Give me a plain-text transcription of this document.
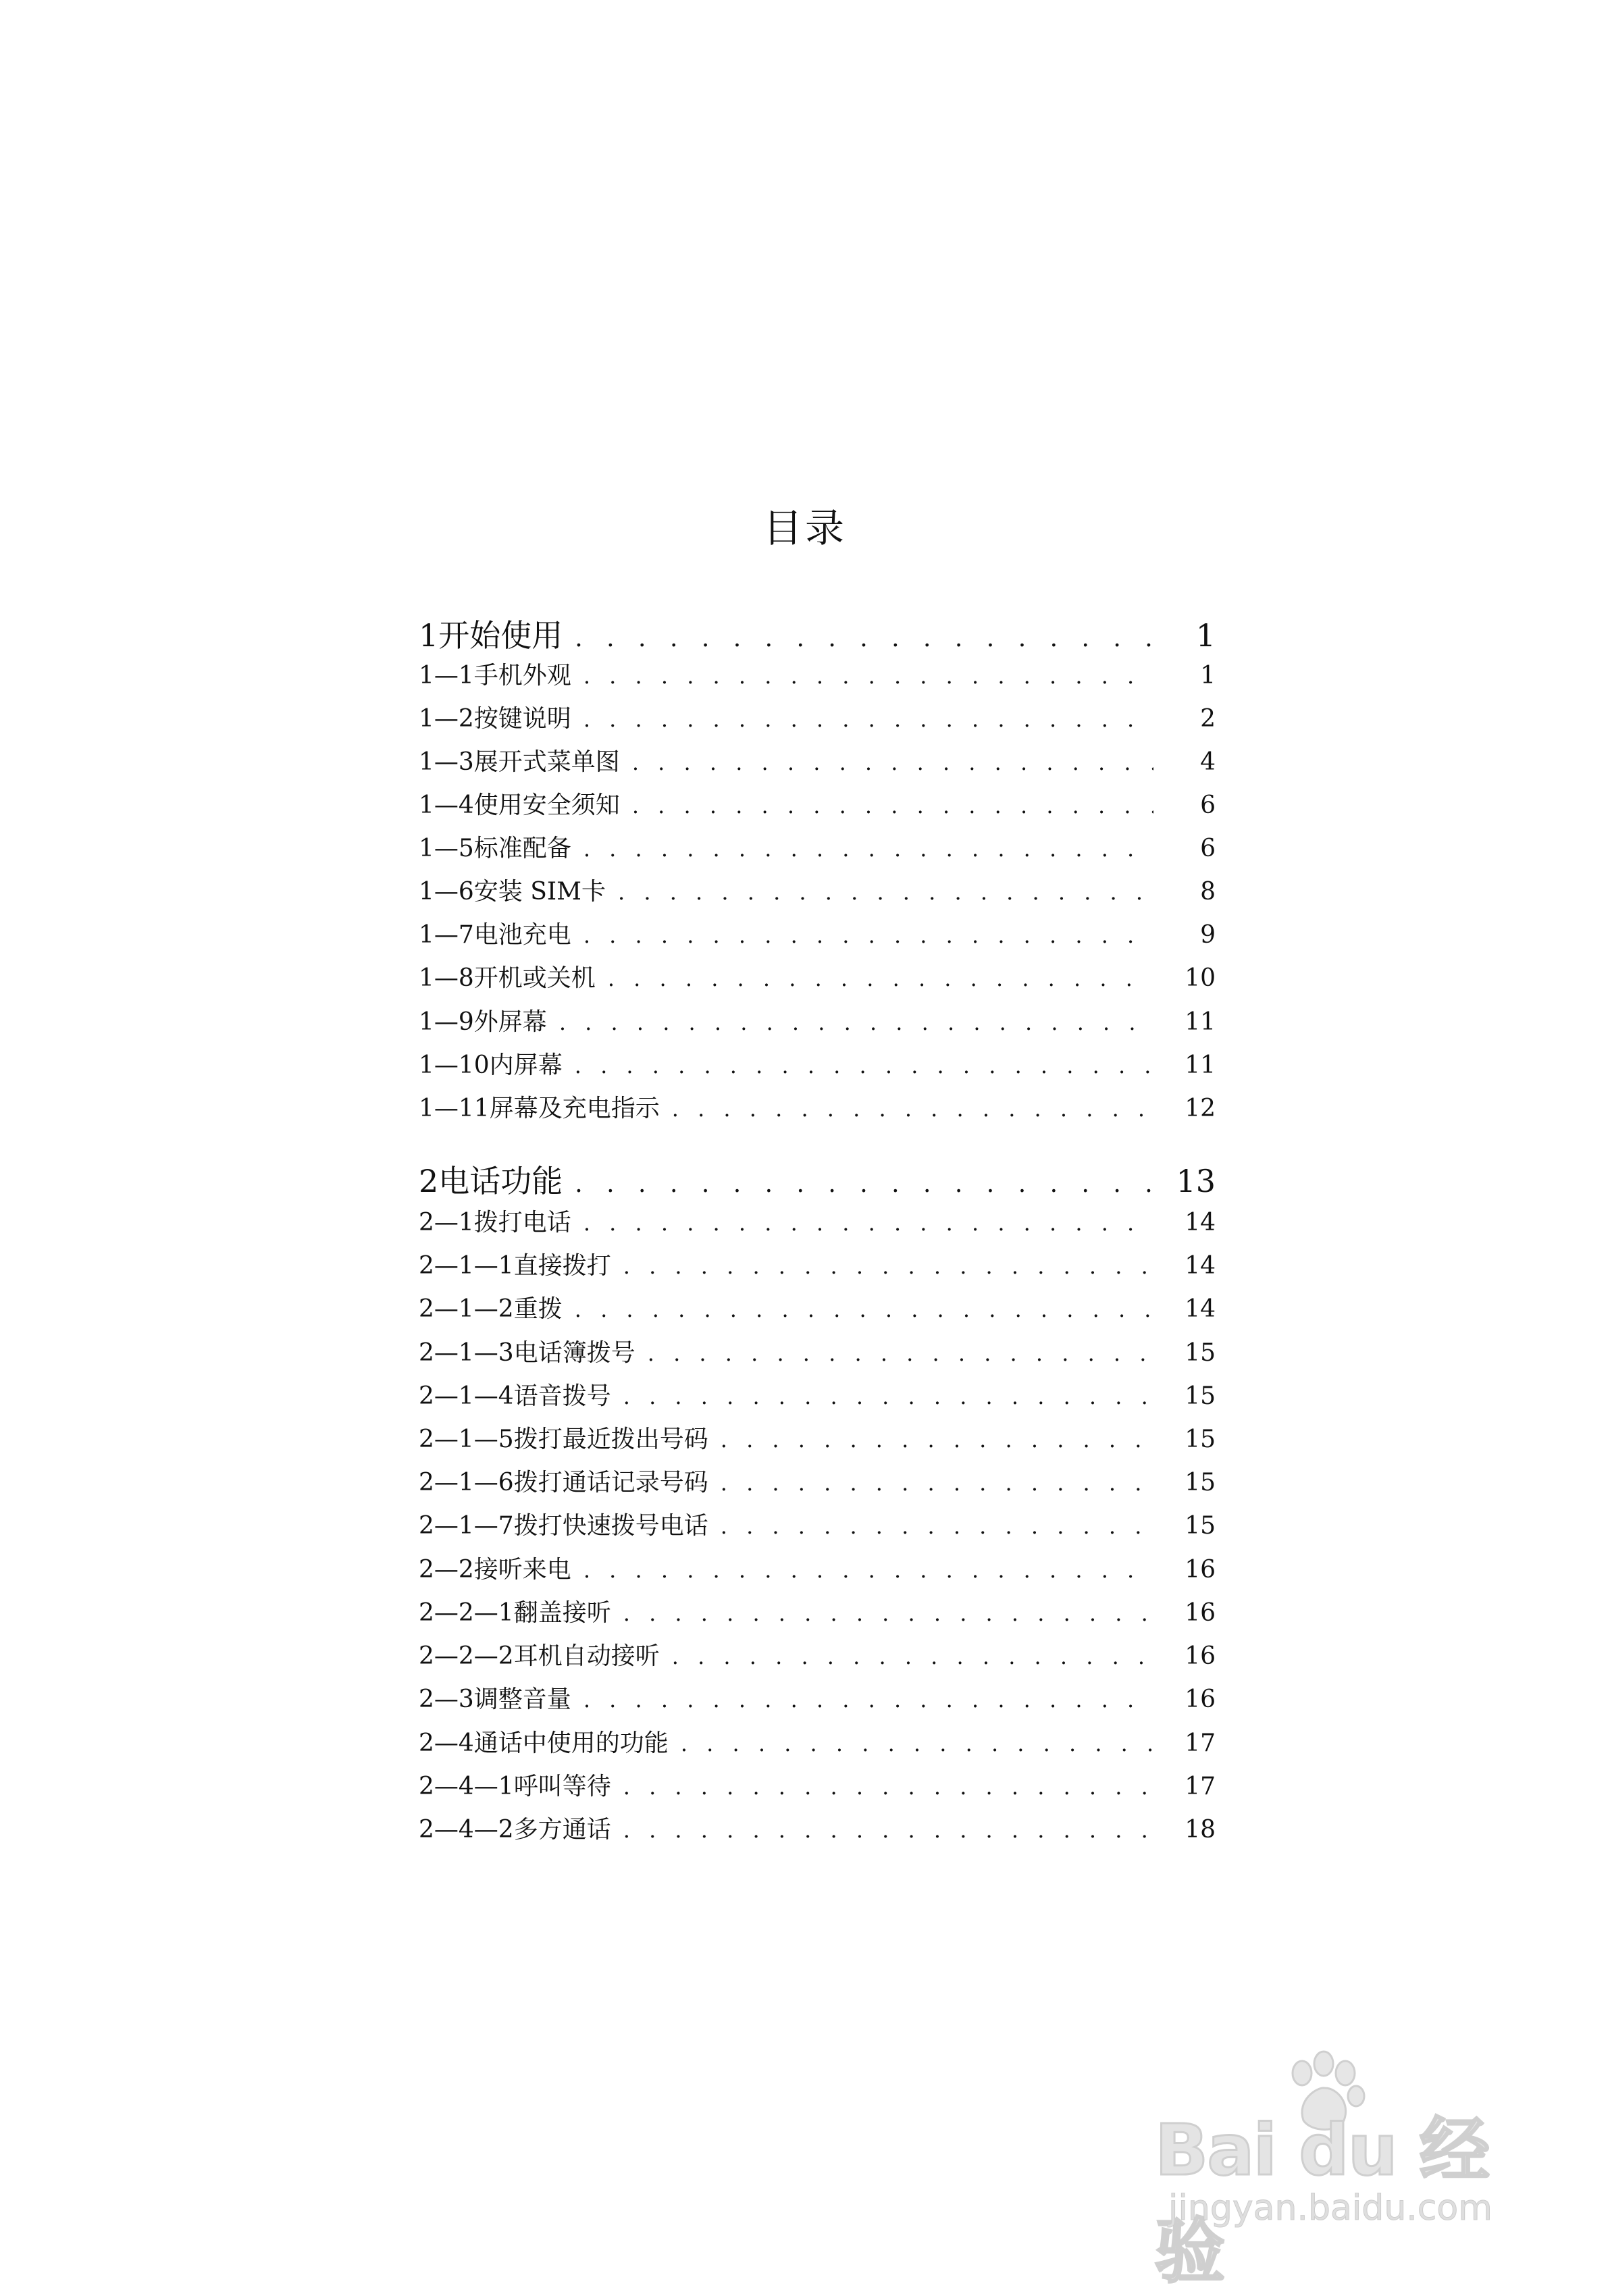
目录
1开始使用 . . .	1
1—1手机外观 . . .	1
1—2按键说明 . . .	2
1—3展开式菜单图 . . .	4
1—4使用安全须知 . . .	6
1—5标准配备 . . .	6
1—6安装 SIM卡 . . .	8
1—7电池充电 . . .	9
1—8开机或关机 . . .	10
1—9外屏幕 . . .	11
1—10内屏幕 . . .	11
1—11屏幕及充电指示 . . .	12
2电话功能 . . .	13
2—1拨打电话 . . .	14
2—1—1直接拨打 . . .	14
2—1—2重拨 . . .	14
2—1—3电话簿拨号 . . .	15
2—1—4语音拨号 . . .	15
2—1—5拨打最近拨出号码 . . .	15
2—1—6拨打通话记录号码 . . .	15
2—1—7拨打快速拨号电话 . . .	15
2—2接听来电 . . .	16
2—2—1翻盖接听 . . .	16
2—2—2耳机自动接听 . . .	16
2—3调整音量 . . .	16
2—4通话中使用的功能 . . .	17
2—4—1呼叫等待 . . .	17
2—4—2多方通话 . . .	18
Bai du 经验
jingyan.baidu.com
